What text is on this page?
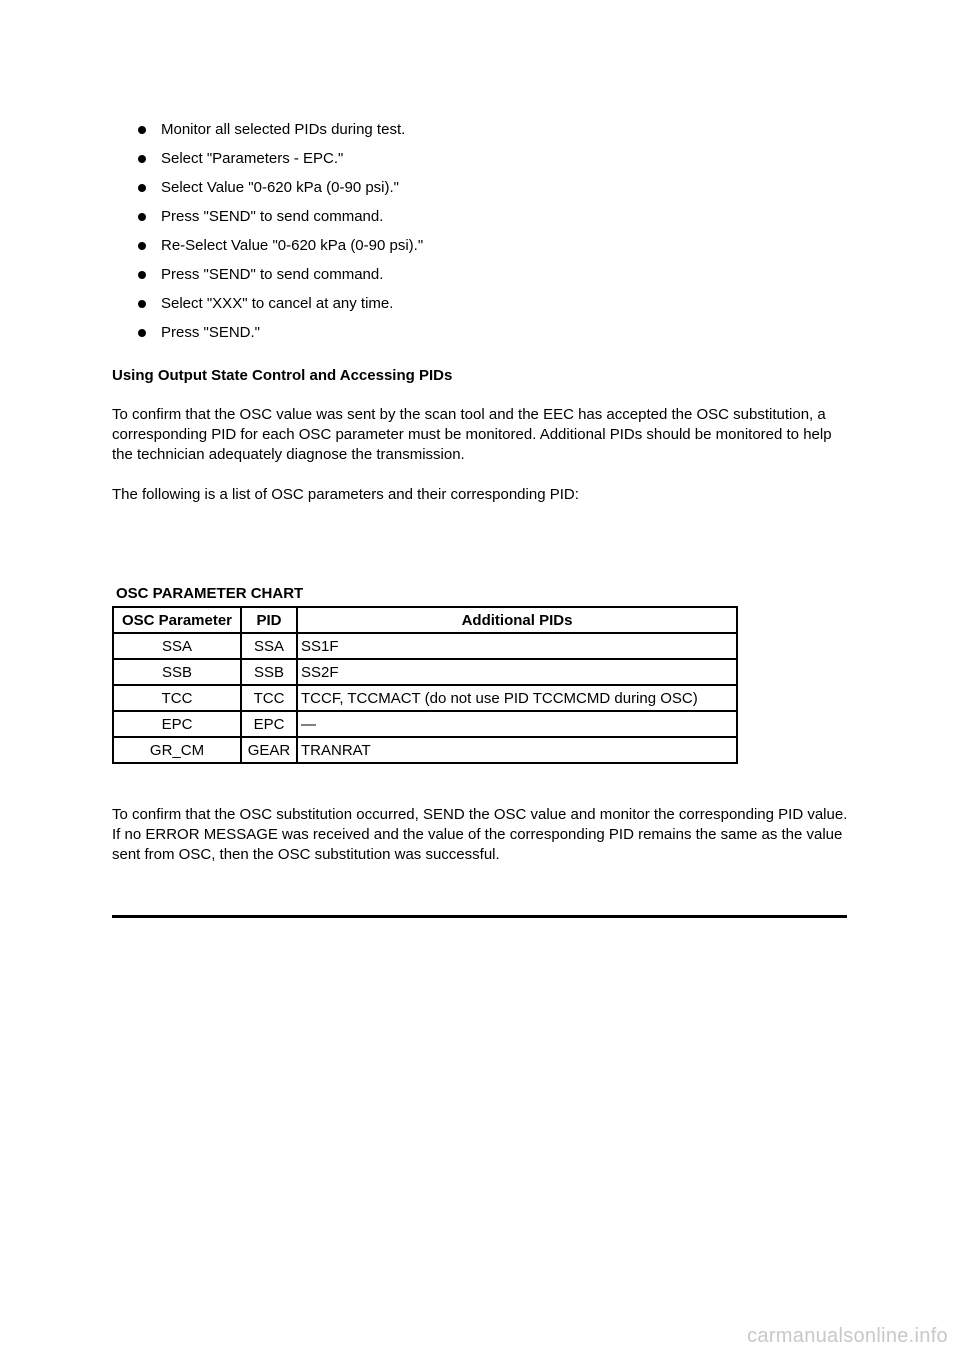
Monitor all selected PIDs during test.
Select "Parameters - EPC."
Select Value "0-620 kPa (0-90 psi)."
Press "SEND" to send command.
Re-Select Value "0-620 kPa (0-90 psi)."
Press "SEND" to send command.
Select "XXX" to cancel at any time.
Press "SEND."
Using Output State Control and Accessing PIDs

To confirm that the OSC value was sent by the scan tool and the EEC has accepted the OSC substitution, a corresponding PID for each OSC parameter must be monitored. Additional PIDs should be monitored to help the technician adequately diagnose the transmission.

The following is a list of OSC parameters and their corresponding PID:

OSC PARAMETER CHART
OSC Parameter	PID	Additional PIDs
SSA	SSA	SS1F
SSB	SSB	SS2F
TCC	TCC	TCCF, TCCMACT (do not use PID TCCMCMD during OSC)
EPC	EPC	—
GR_CM	GEAR	TRANRAT

To confirm that the OSC substitution occurred, SEND the OSC value and monitor the corresponding PID value. If no ERROR MESSAGE was received and the value of the corresponding PID remains the same as the value sent from OSC, then the OSC substitution was successful.

carmanualsonline.info
